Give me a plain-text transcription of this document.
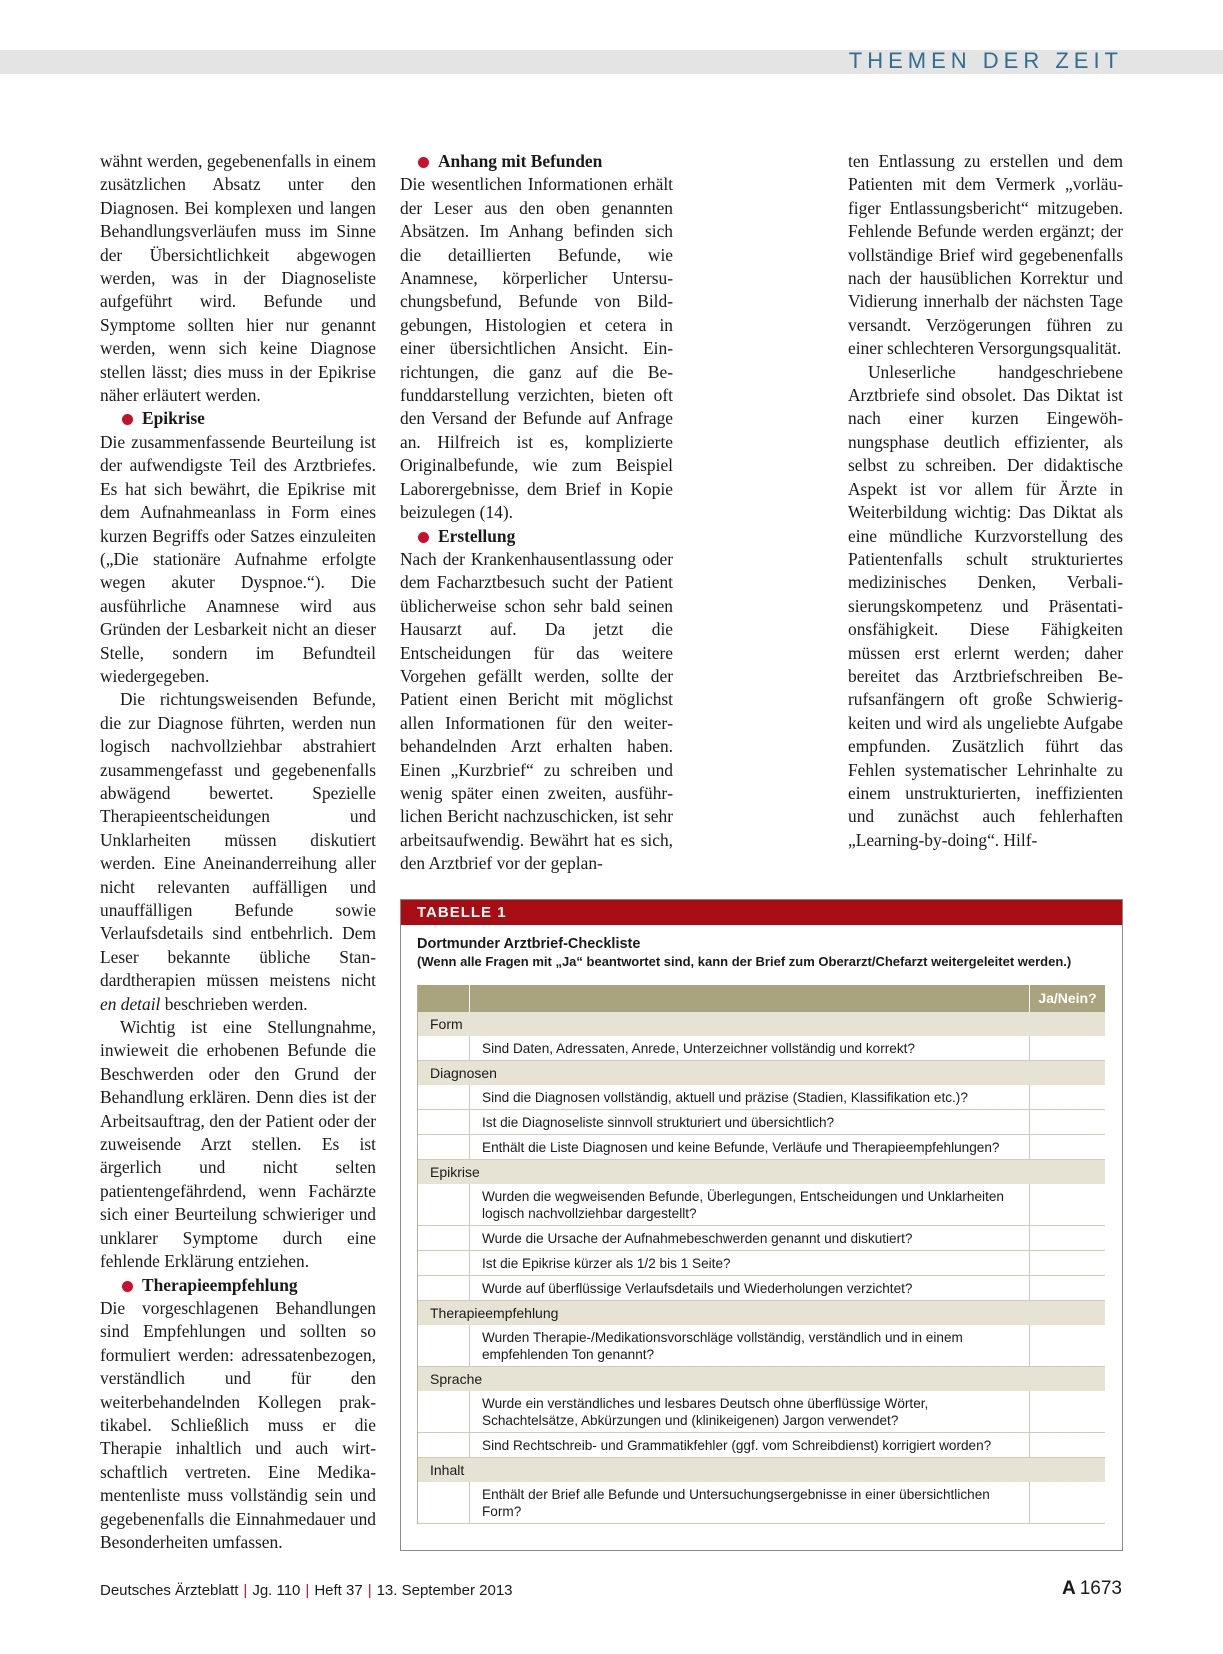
THEMEN DER ZEIT

wähnt werden, gegebenenfalls in einem zusätzlichen Absatz unter den Diagnosen. Bei komplexen und langen Behandlungsverläufen muss im Sinne der Übersichtlichkeit abgewogen werden, was in der Diagnoseliste aufgeführt wird. Befunde und Symptome sollten hier nur genannt werden, wenn sich keine Diagnose stellen lässt; dies muss in der Epikrise näher erläutert werden.

Epikrise

Die zusammenfassende Beurteilung ist der aufwendigste Teil des Arztbriefes. Es hat sich bewährt, die Epikrise mit dem Aufnahmeanlass in Form eines kurzen Begriffs oder Satzes einzuleiten („Die stationäre Aufnahme erfolgte wegen akuter Dyspnoe.“). Die ausführliche Anamnese wird aus Gründen der Lesbarkeit nicht an dieser Stelle, sondern im Befundteil wiedergegeben.

Die richtungsweisenden Befunde, die zur Diagnose führten, werden nun logisch nachvollziehbar abstrahiert zusammengefasst und gegebenenfalls abwägend bewertet. Spezielle Therapieentscheidungen und Unklarheiten müssen diskutiert werden. Eine Aneinanderreihung aller nicht relevanten auffälligen und unauffälligen Befunde sowie Verlaufsdetails sind entbehrlich. Dem Leser bekannte übliche Standardtherapien müssen meistens nicht en detail beschrieben werden.

Wichtig ist eine Stellungnahme, inwieweit die erhobenen Befunde die Beschwerden oder den Grund der Behandlung erklären. Denn dies ist der Arbeitsauftrag, den der Patient oder der zuweisende Arzt stellen. Es ist ärgerlich und nicht selten patientengefährdend, wenn Fachärzte sich einer Beurteilung schwieriger und unklarer Symptome durch eine fehlende Erklärung entziehen.

Therapieempfehlung

Die vorgeschlagenen Behandlungen sind Empfehlungen und sollten so formuliert werden: adressatenbezogen, verständlich und für den weiterbehandelnden Kollegen praktikabel. Schließlich muss er die Therapie inhaltlich und auch wirtschaftlich vertreten. Eine Medikamentenliste muss vollständig sein und gegebenenfalls die Einnahmedauer und Besonderheiten umfassen.

Anhang mit Befunden

Die wesentlichen Informationen erhält der Leser aus den oben genannten Absätzen. Im Anhang befinden sich die detaillierten Befunde, wie Anamnese, körperlicher Untersuchungsbefund, Befunde von Bildgebungen, Histologien et cetera in einer übersichtlichen Ansicht. Einrichtungen, die ganz auf die Befunddarstellung verzichten, bieten oft den Versand der Befunde auf Anfrage an. Hilfreich ist es, komplizierte Originalbefunde, wie zum Beispiel Laborergebnisse, dem Brief in Kopie beizulegen (14).

Erstellung

Nach der Krankenhausentlassung oder dem Facharztbesuch sucht der Patient üblicherweise schon sehr bald seinen Hausarzt auf. Da jetzt die Entscheidungen für das weitere Vorgehen gefällt werden, sollte der Patient einen Bericht mit möglichst allen Informationen für den weiterbehandelnden Arzt erhalten haben. Einen „Kurzbrief“ zu schreiben und wenig später einen zweiten, ausführlichen Bericht nachzuschicken, ist sehr arbeitsaufwendig. Bewährt hat es sich, den Arztbrief vor der geplan-

ten Entlassung zu erstellen und dem Patienten mit dem Vermerk „vorläufiger Entlassungsbericht“ mitzugeben. Fehlende Befunde werden ergänzt; der vollständige Brief wird gegebenenfalls nach der hausüblichen Korrektur und Vidierung innerhalb der nächsten Tage versandt. Verzögerungen führen zu einer schlechteren Versorgungsqualität.

Unleserliche handgeschriebene Arztbriefe sind obsolet. Das Diktat ist nach einer kurzen Eingewöhnungsphase deutlich effizienter, als selbst zu schreiben. Der didaktische Aspekt ist vor allem für Ärzte in Weiterbildung wichtig: Das Diktat als eine mündliche Kurzvorstellung des Patientenfalls schult strukturiertes medizinisches Denken, Verbalisierungskompetenz und Präsentationsfähigkeit. Diese Fähigkeiten müssen erst erlernt werden; daher bereitet das Arztbriefschreiben Berufsanfängern oft große Schwierigkeiten und wird als ungeliebte Aufgabe empfunden. Zusätzlich führt das Fehlen systematischer Lehrinhalte zu einem unstrukturierten, ineffizienten und zunächst auch fehlerhaften „Learning-by-doing“. Hilf-

TABELLE 1
Dortmunder Arztbrief-Checkliste
(Wenn alle Fragen mit „Ja“ beantwortet sind, kann der Brief zum Oberarzt/Chefarzt weitergeleitet werden.)
Ja/Nein?
Form
Sind Daten, Adressaten, Anrede, Unterzeichner vollständig und korrekt?
Diagnosen
Sind die Diagnosen vollständig, aktuell und präzise (Stadien, Klassifikation etc.)?
Ist die Diagnoseliste sinnvoll strukturiert und übersichtlich?
Enthält die Liste Diagnosen und keine Befunde, Verläufe und Therapieempfehlungen?
Epikrise
Wurden die wegweisenden Befunde, Überlegungen, Entscheidungen und Unklarheiten logisch nachvollziehbar dargestellt?
Wurde die Ursache der Aufnahmebeschwerden genannt und diskutiert?
Ist die Epikrise kürzer als 1/2 bis 1 Seite?
Wurde auf überflüssige Verlaufsdetails und Wiederholungen verzichtet?
Therapieempfehlung
Wurden Therapie-/Medikationsvorschläge vollständig, verständlich und in einem empfehlenden Ton genannt?
Sprache
Wurde ein verständliches und lesbares Deutsch ohne überflüssige Wörter, Schachtelsätze, Abkürzungen und (klinikeigenen) Jargon verwendet?
Sind Rechtschreib- und Grammatikfehler (ggf. vom Schreibdienst) korrigiert worden?
Inhalt
Enthält der Brief alle Befunde und Untersuchungsergebnisse in einer übersichtlichen Form?
Deutsches Ärzteblatt | Jg. 110 | Heft 37 | 13. September 2013	A 1673
